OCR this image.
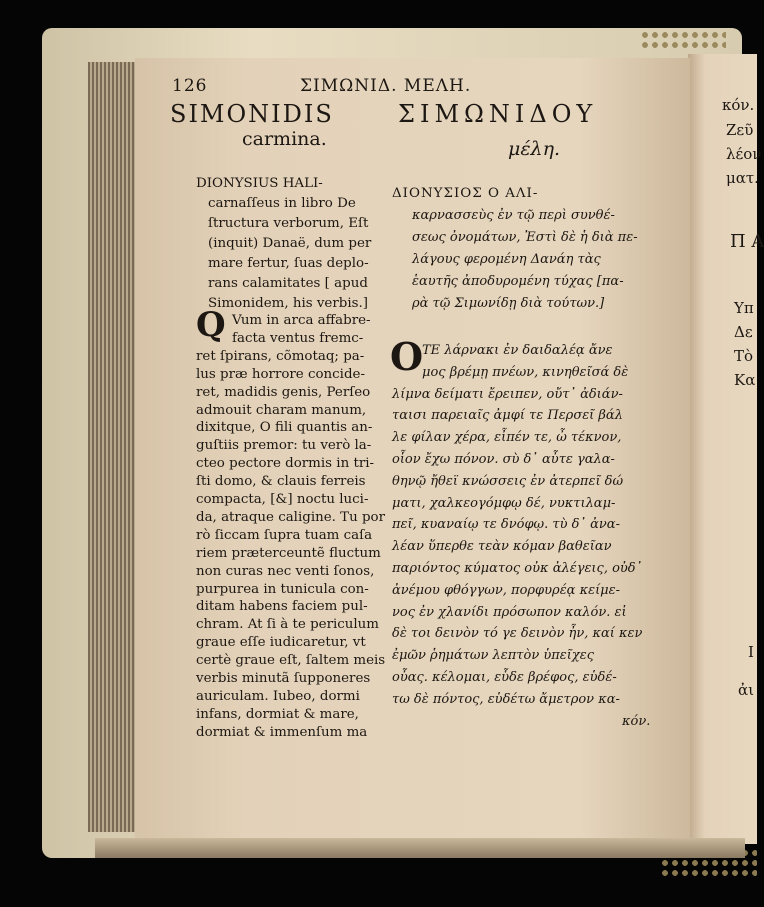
126	ΣΙΜΩΝΙΔ. ΜΕΛΗ.
SIMONIDIS	ΣΙΜΩΝΙΔΟΥ
carmina.	μέλη.
DIONYSIUS HALI-
carnaſſeus in libro De
ſtructura verborum, Eſt
(inquit) Danaë, dum per
mare fertur, ſuas deplo-
rans calamitates [ apud
Simonidem, his verbis.]
Q Vum in arca affabre-
facta ventus fremc-
ret ſpirans, cõmotaq; pa-
lus præ horrore concide-
ret, madidis genis, Perſeo
admouit charam manum,
dixitque, O fili quantis an-
guſtiis premor: tu verò la-
cteo pectore dormis in tri-
ſti domo, & clauis ferreis
compacta, [&] noctu luci-
da, atraque caligine. Tu por
rò ſiccam ſupra tuam caſa
riem præterceuntẽ fluctum
non curas nec venti ſonos,
purpurea in tunicula con-
ditam habens faciem pul-
chram. At ſi à te periculum
graue eſſe iudicaretur, vt
certè graue eſt, ſaltem meis
verbis minutã ſupponeres
auriculam. Iubeo, dormi
infans, dormiat & mare,
dormiat & immenſum ma
ΔΙΟΝΥΣΙΟΣ Ο ΑΛΙ-
καρνασσεὺς ἐν τῷ περὶ συνθέ-
σεως ὀνομάτων, Ἐστὶ δὲ ἡ διὰ πε-
λάγους φερομένη Δανάη τὰς
ἑαυτῆς ἀποδυρομένη τύχας [πα-
ρὰ τῷ Σιμωνίδῃ διὰ τούτων.]
Ο
ΤΕ λάρνακι ἐν δαιδαλέᾳ ἄνε
μος βρέμῃ πνέων, κινηθεῖσά δὲ
λίμνα δείματι ἔρειπεν, οὔτ᾽ ἀδιάν-
ταισι παρειαῖς ἀμφί τε Περσεῖ βάλ
λε φίλαν χέρα, εἶπέν τε, ὦ τέκνον,
οἷον ἔχω πόνον. σὺ δ᾽ αὖτε γαλα-
θηνῷ ἤθεϊ κνώσσεις ἐν ἀτερπεῖ δώ
ματι, χαλκεογόμφῳ δέ, νυκτιλαμ-
πεῖ, κυαναίῳ τε δνόφῳ. τὺ δ᾽ ἀνα-
λέαν ὕπερθε τεὰν κόμαν βαθεῖαν
παριόντος κύματος οὐκ ἀλέγεις, οὐδ᾽
ἀνέμου φθόγγων, πορφυρέᾳ κείμε-
νος ἐν χλανίδι πρόσωπον καλόν. εἰ
δὲ τοι δεινὸν τό γε δεινὸν ἦν, καί κεν
ἐμῶν ῥημάτων λεπτὸν ὑπεῖχες
οὖας. κέλομαι, εὗδε βρέφος, εὑδέ-
τω δὲ πόντος, εὑδέτω ἄμετρον κα-
κόν.
κόν.
Ζεῦ
λέον
ματ.
Π Α
Υπ
Δε
Τὸ
Κα
Ι
ἀι
